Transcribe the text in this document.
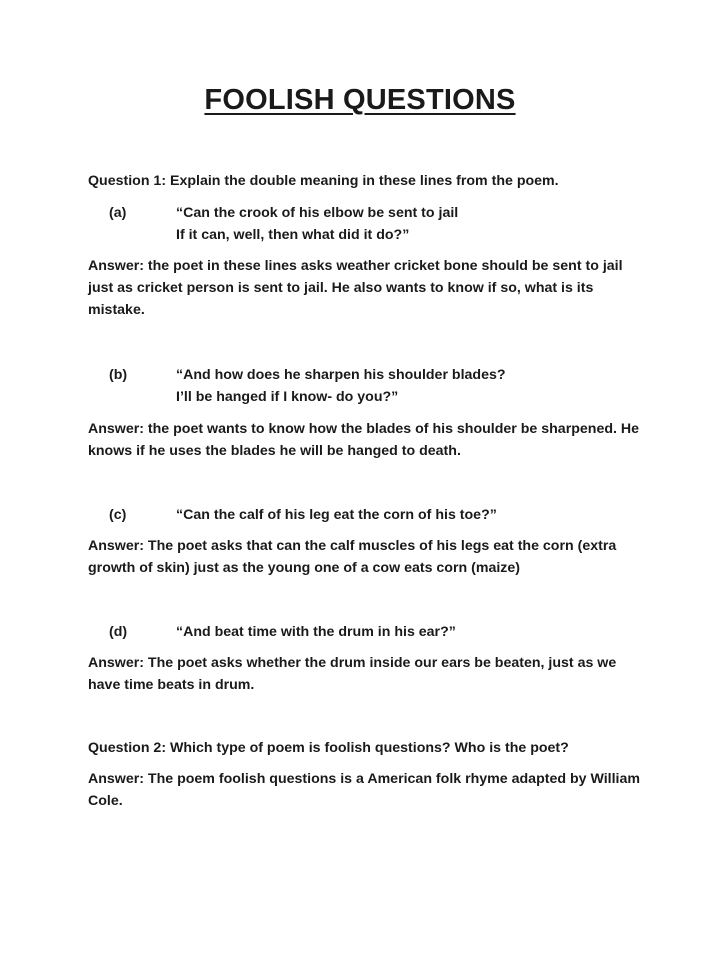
FOOLISH QUESTIONS
Question 1: Explain the double meaning in these lines from the poem.
(a)	“Can the crook of his elbow be sent to jail
If it can, well, then what did it do?”
Answer: the poet in these lines asks weather cricket bone should be sent to jail just as cricket person is sent to jail. He also wants to know if so, what is its mistake.
(b)	“And how does he sharpen his shoulder blades?
I’ll be hanged if I know- do you?”
Answer: the poet wants to know how the blades of his shoulder be sharpened. He knows if he uses the blades he will be hanged to death.
(c)	“Can the calf of his leg eat the corn of his toe?”
Answer: The poet asks that can the calf muscles of his legs eat the corn (extra growth of skin) just as the young one of a cow eats corn (maize)
(d)	“And beat time with the drum in his ear?”
Answer: The poet asks whether the drum inside our ears be beaten, just as we have time beats in drum.
Question 2: Which type of poem is foolish questions? Who is the poet?
Answer: The poem foolish questions is a American folk rhyme adapted by William Cole.
